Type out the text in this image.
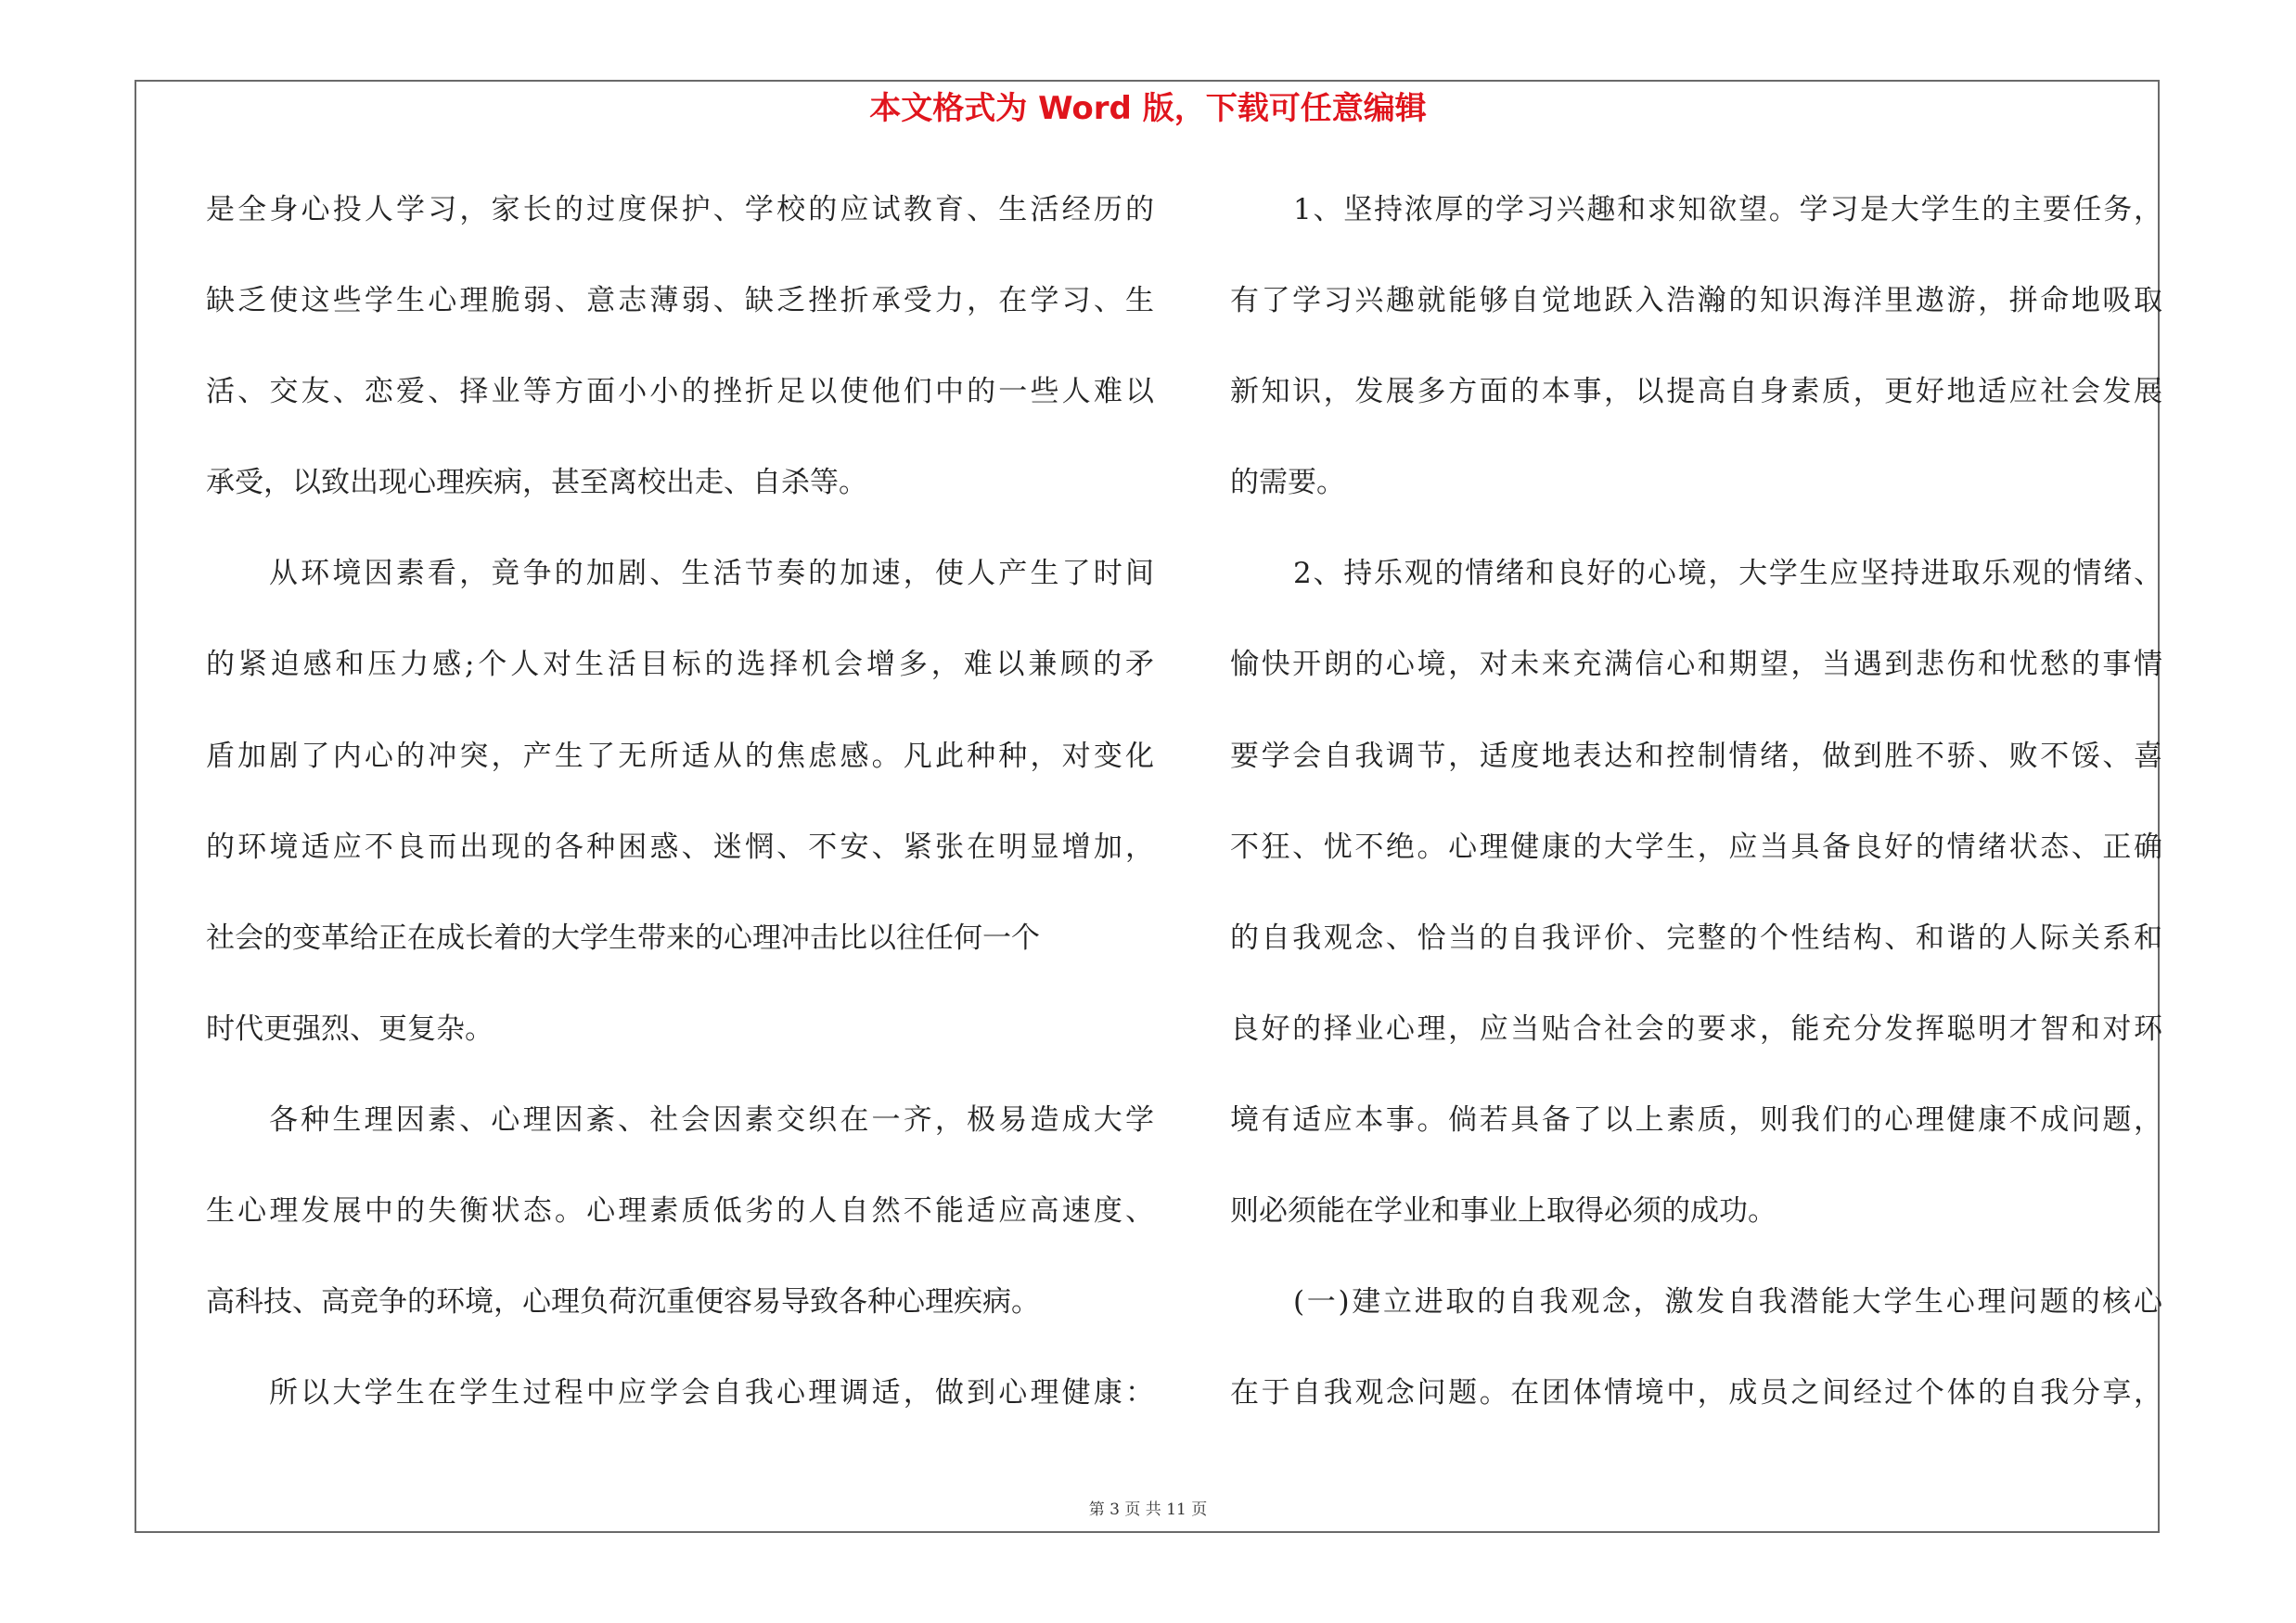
本文格式为 Word 版，下载可任意编辑
是全身心投人学习，家长的过度保护、学校的应试教育、生活经历的
缺乏使这些学生心理脆弱、意志薄弱、缺乏挫折承受力，在学习、生
活、交友、恋爱、择业等方面小小的挫折足以使他们中的一些人难以
承受，以致出现心理疾病，甚至离校出走、自杀等。
从环境因素看，竟争的加剧、生活节奏的加速，使人产生了时间
的紧迫感和压力感;个人对生活目标的选择机会增多，难以兼顾的矛
盾加剧了内心的冲突，产生了无所适从的焦虑感。凡此种种，对变化
的环境适应不良而出现的各种困惑、迷惘、不安、紧张在明显增加，
社会的变革给正在成长着的大学生带来的心理冲击比以往任何一个
时代更强烈、更复杂。
各种生理因素、心理因紊、社会因素交织在一齐，极易造成大学
生心理发展中的失衡状态。心理素质低劣的人自然不能适应高速度、
高科技、高竞争的环境，心理负荷沉重便容易导致各种心理疾病。
所以大学生在学生过程中应学会自我心理调适，做到心理健康：
1、坚持浓厚的学习兴趣和求知欲望。学习是大学生的主要任务，
有了学习兴趣就能够自觉地跃入浩瀚的知识海洋里遨游，拼命地吸取
新知识，发展多方面的本事，以提高自身素质，更好地适应社会发展
的需要。
2、持乐观的情绪和良好的心境，大学生应坚持进取乐观的情绪、
愉快开朗的心境，对未来充满信心和期望，当遇到悲伤和忧愁的事情
要学会自我调节，适度地表达和控制情绪，做到胜不骄、败不馁、喜
不狂、忧不绝。心理健康的大学生，应当具备良好的情绪状态、正确
的自我观念、恰当的自我评价、完整的个性结构、和谐的人际关系和
良好的择业心理，应当贴合社会的要求，能充分发挥聪明才智和对环
境有适应本事。倘若具备了以上素质，则我们的心理健康不成问题，
则必须能在学业和事业上取得必须的成功。
(一)建立进取的自我观念，激发自我潜能大学生心理问题的核心
在于自我观念问题。在团体情境中，成员之间经过个体的自我分享，
第 3 页 共 11 页
